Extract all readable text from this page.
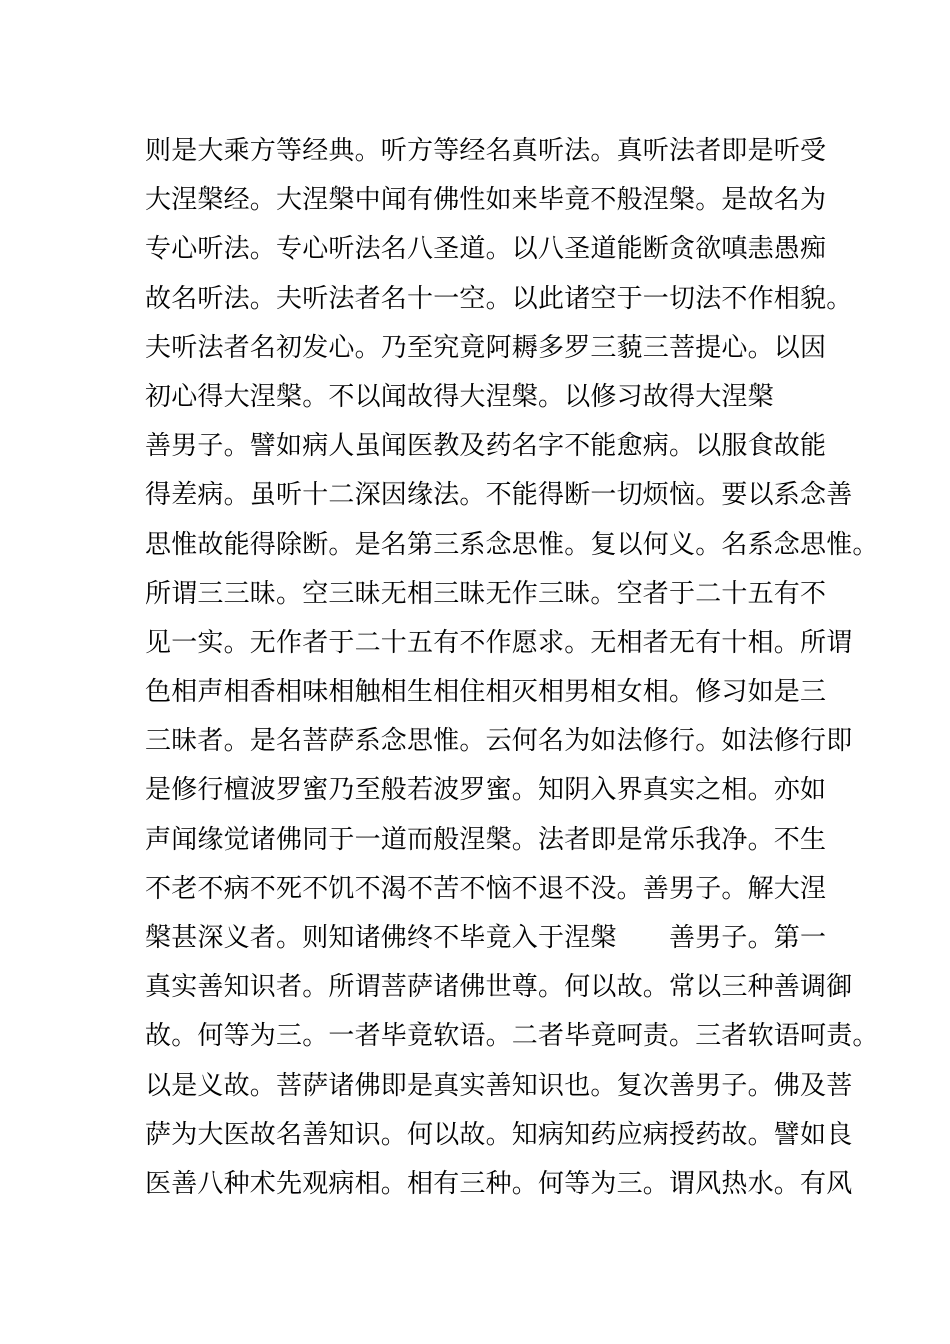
则是大乘方等经典。听方等经名真听法。真听法者即是听受
大涅槃经。大涅槃中闻有佛性如来毕竟不般涅槃。是故名为
专心听法。专心听法名八圣道。以八圣道能断贪欲嗔恚愚痴
故名听法。夫听法者名十一空。以此诸空于一切法不作相貌。
夫听法者名初发心。乃至究竟阿耨多罗三藐三菩提心。以因
初心得大涅槃。不以闻故得大涅槃。以修习故得大涅槃
善男子。譬如病人虽闻医教及药名字不能愈病。以服食故能
得差病。虽听十二深因缘法。不能得断一切烦恼。要以系念善
思惟故能得除断。是名第三系念思惟。复以何义。名系念思惟。
所谓三三昧。空三昧无相三昧无作三昧。空者于二十五有不
见一实。无作者于二十五有不作愿求。无相者无有十相。所谓
色相声相香相味相触相生相住相灭相男相女相。修习如是三
三昧者。是名菩萨系念思惟。云何名为如法修行。如法修行即
是修行檀波罗蜜乃至般若波罗蜜。知阴入界真实之相。亦如
声闻缘觉诸佛同于一道而般涅槃。法者即是常乐我净。不生
不老不病不死不饥不渴不苦不恼不退不没。善男子。解大涅
槃甚深义者。则知诸佛终不毕竟入于涅槃　　善男子。第一
真实善知识者。所谓菩萨诸佛世尊。何以故。常以三种善调御
故。何等为三。一者毕竟软语。二者毕竟呵责。三者软语呵责。
以是义故。菩萨诸佛即是真实善知识也。复次善男子。佛及菩
萨为大医故名善知识。何以故。知病知药应病授药故。譬如良
医善八种术先观病相。相有三种。何等为三。谓风热水。有风
